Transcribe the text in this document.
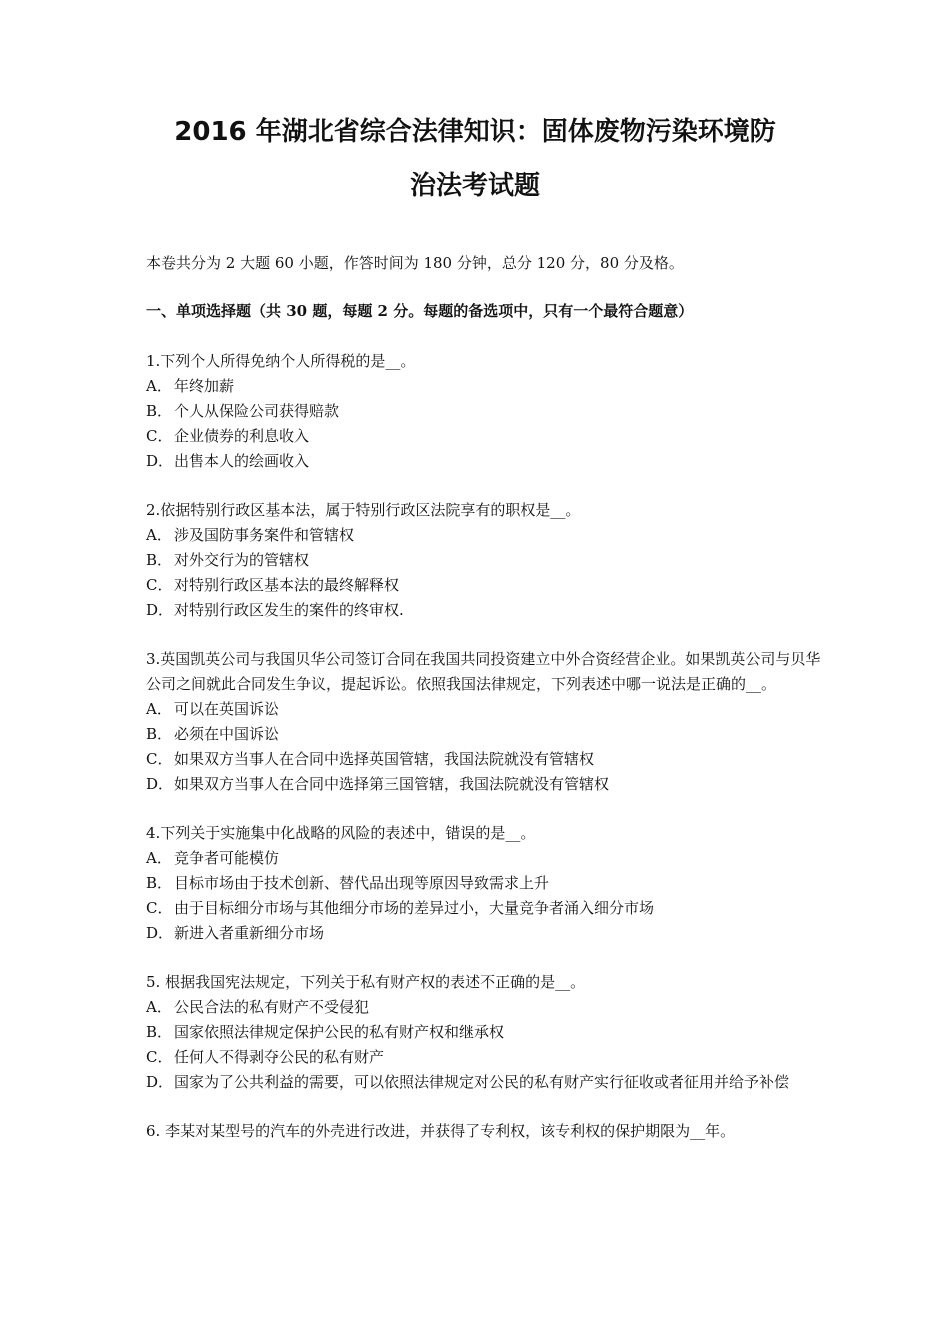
2016 年湖北省综合法律知识：固体废物污染环境防
治法考试题
本卷共分为 2 大题 60 小题，作答时间为 180 分钟，总分 120 分，80 分及格。
一、单项选择题（共 30 题，每题 2 分。每题的备选项中，只有一个最符合题意）
1.下列个人所得免纳个人所得税的是__。
A． 年终加薪
B． 个人从保险公司获得赔款
C． 企业债券的利息收入
D．出售本人的绘画收入
2.依据特别行政区基本法，属于特别行政区法院享有的职权是__。
A． 涉及国防事务案件和管辖权
B． 对外交行为的管辖权
C． 对特别行政区基本法的最终解释权
D．对特别行政区发生的案件的终审权.
3.英国凯英公司与我国贝华公司签订合同在我国共同投资建立中外合资经营企业。如果凯英公司与贝华公司之间就此合同发生争议，提起诉讼。依照我国法律规定，下列表述中哪一说法是正确的__。
A． 可以在英国诉讼
B． 必须在中国诉讼
C． 如果双方当事人在合同中选择英国管辖，我国法院就没有管辖权
D．如果双方当事人在合同中选择第三国管辖，我国法院就没有管辖权
4.下列关于实施集中化战略的风险的表述中，错误的是__。
A． 竞争者可能模仿
B． 目标市场由于技术创新、替代品出现等原因导致需求上升
C． 由于目标细分市场与其他细分市场的差异过小，大量竞争者涌入细分市场
D．新进入者重新细分市场
5. 根据我国宪法规定，下列关于私有财产权的表述不正确的是__。
A． 公民合法的私有财产不受侵犯
B． 国家依照法律规定保护公民的私有财产权和继承权
C． 任何人不得剥夺公民的私有财产
D．国家为了公共利益的需要，可以依照法律规定对公民的私有财产实行征收或者征用并给予补偿
6. 李某对某型号的汽车的外壳进行改进，并获得了专利权，该专利权的保护期限为__年。
